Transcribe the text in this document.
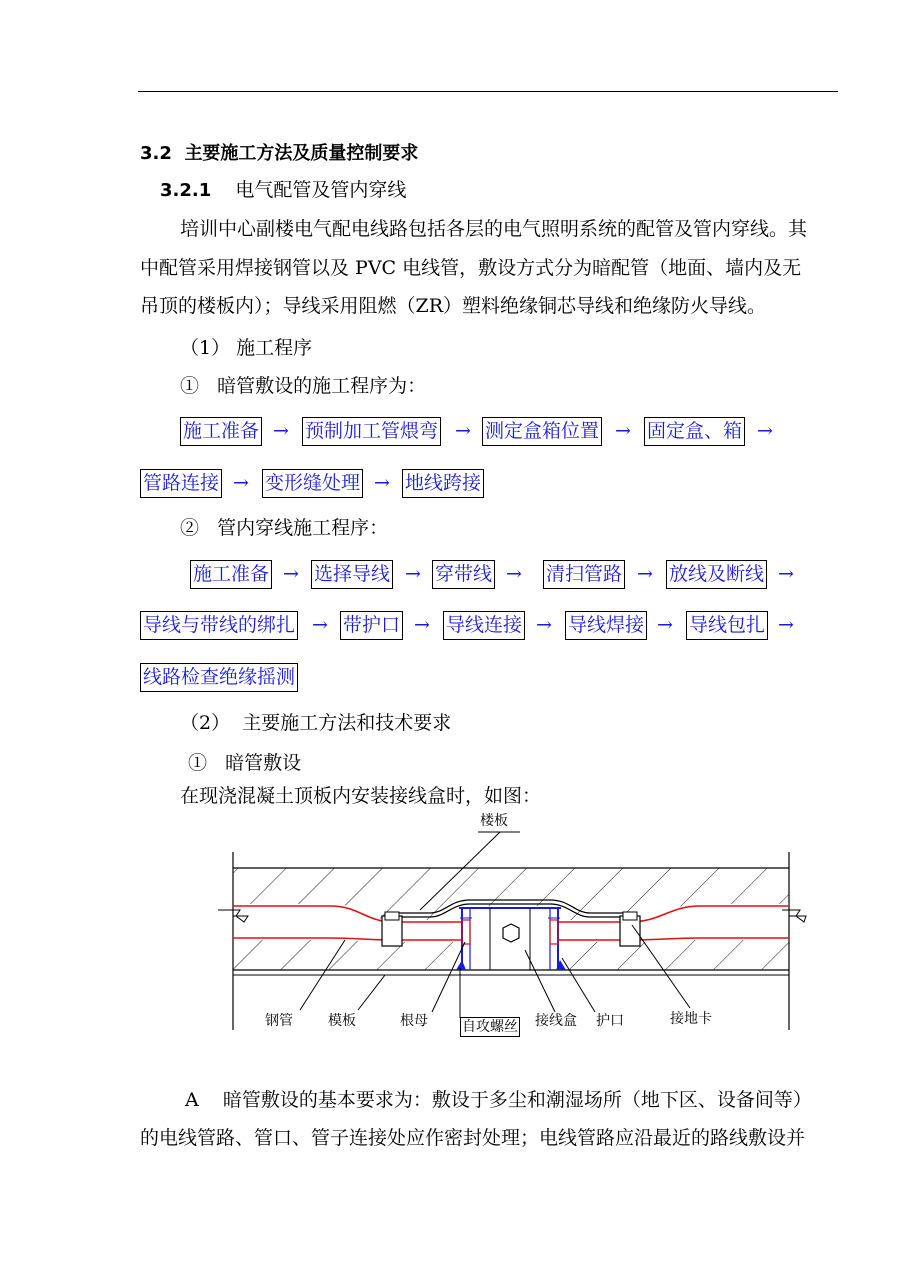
3.2 主要施工方法及质量控制要求
3.2.1 电气配管及管内穿线
培训中心副楼电气配电线路包括各层的电气照明系统的配管及管内穿线。其
中配管采用焊接钢管以及 PVC 电线管，敷设方式分为暗配管（地面、墙内及无
吊顶的楼板内）；导线采用阻燃（ZR）塑料绝缘铜芯导线和绝缘防火导线。
（1） 施工程序
① 暗管敷设的施工程序为：
施工准备 → 预制加工管煨弯 → 测定盒箱位置 → 固定盒、箱 →
管路连接 → 变形缝处理 → 地线跨接
② 管内穿线施工程序：
施工准备 → 选择导线 → 穿带线 → 清扫管路 → 放线及断线 →
导线与带线的绑扎 → 带护口 → 导线连接 → 导线焊接 → 导线包扎 →
线路检查绝缘摇测
（2） 主要施工方法和技术要求
① 暗管敷设
在现浇混凝土顶板内安装接线盒时，如图：
楼板
钢管	模板	根母 自攻螺丝 接线盒 护口	接地卡
A 暗管敷设的基本要求为：敷设于多尘和潮湿场所（地下区、设备间等）
的电线管路、管口、管子连接处应作密封处理；电线管路应沿最近的路线敷设并
